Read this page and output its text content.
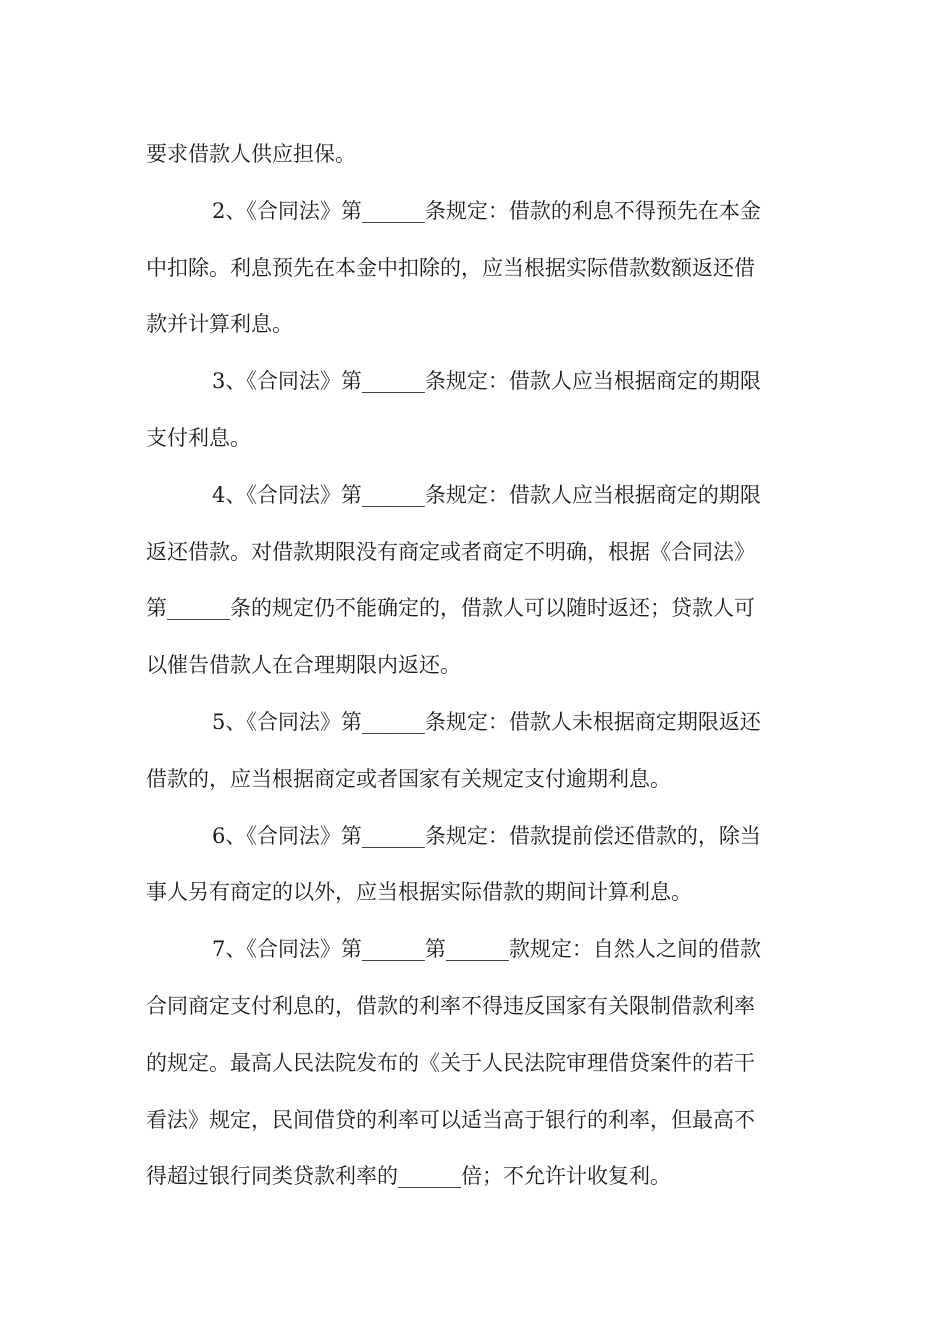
要求借款人供应担保。
2、《合同法》第______条规定：借款的利息不得预先在本金
中扣除。利息预先在本金中扣除的，应当根据实际借款数额返还借
款并计算利息。
3、《合同法》第______条规定：借款人应当根据商定的期限
支付利息。
4、《合同法》第______条规定：借款人应当根据商定的期限
返还借款。对借款期限没有商定或者商定不明确，根据《合同法》
第______条的规定仍不能确定的，借款人可以随时返还；贷款人可
以催告借款人在合理期限内返还。
5、《合同法》第______条规定：借款人未根据商定期限返还
借款的，应当根据商定或者国家有关规定支付逾期利息。
6、《合同法》第______条规定：借款提前偿还借款的，除当
事人另有商定的以外，应当根据实际借款的期间计算利息。
7、《合同法》第______第______款规定：自然人之间的借款
合同商定支付利息的，借款的利率不得违反国家有关限制借款利率
的规定。最高人民法院发布的《关于人民法院审理借贷案件的若干
看法》规定，民间借贷的利率可以适当高于银行的利率，但最高不
得超过银行同类贷款利率的______倍；不允许计收复利。
